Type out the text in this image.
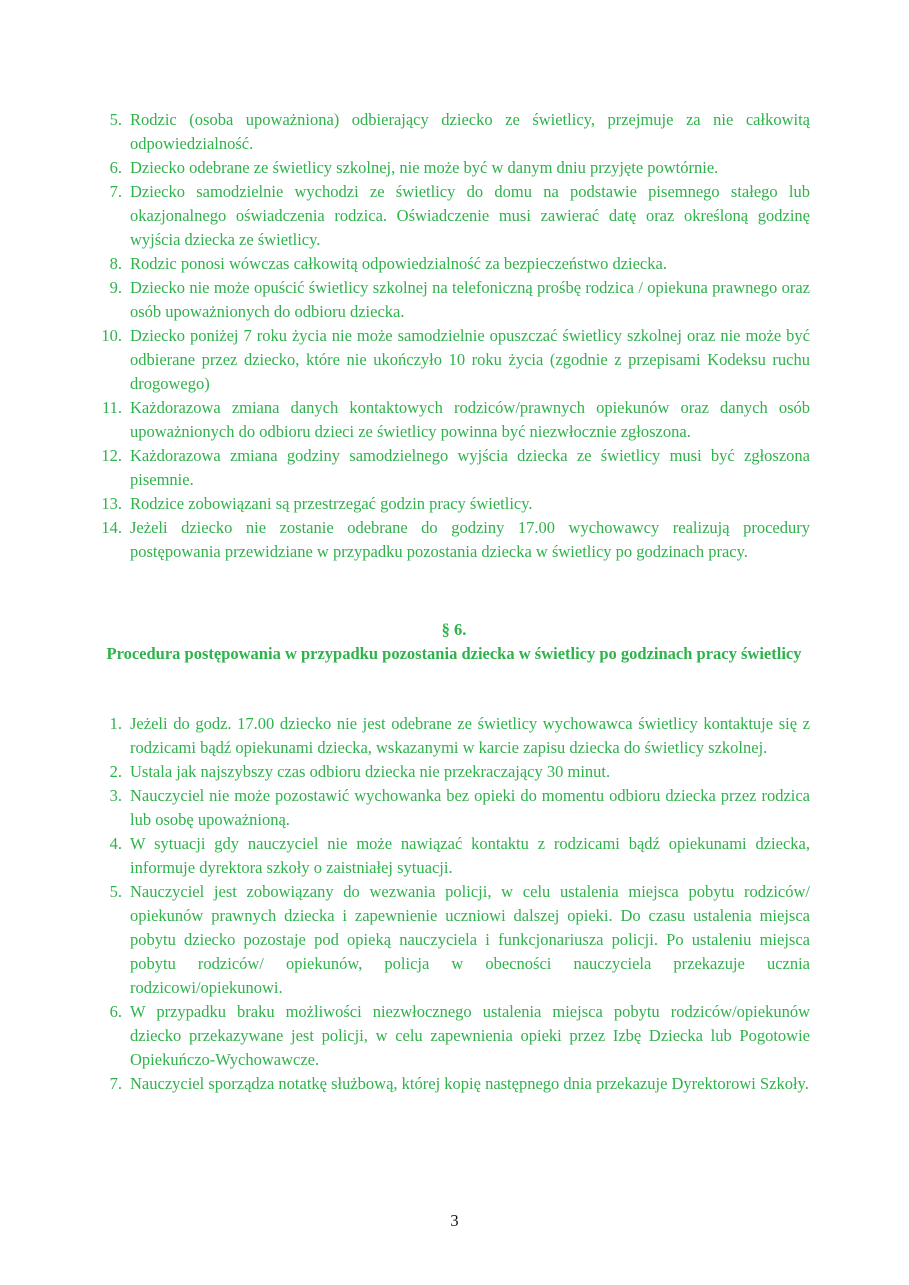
5. Rodzic (osoba upoważniona) odbierający dziecko ze świetlicy, przejmuje za nie całkowitą odpowiedzialność.

6. Dziecko odebrane ze świetlicy szkolnej, nie może być w danym dniu przyjęte powtórnie.

7. Dziecko samodzielnie wychodzi ze świetlicy do domu na podstawie pisemnego stałego lub okazjonalnego oświadczenia rodzica. Oświadczenie musi zawierać datę oraz określoną godzinę wyjścia dziecka ze świetlicy.

8. Rodzic ponosi wówczas całkowitą odpowiedzialność za bezpieczeństwo dziecka.

9. Dziecko nie może opuścić świetlicy szkolnej na telefoniczną prośbę rodzica / opiekuna prawnego oraz osób upoważnionych do odbioru dziecka.

10. Dziecko poniżej 7 roku życia nie może samodzielnie opuszczać świetlicy szkolnej oraz nie może być odbierane przez dziecko, które nie ukończyło 10 roku życia (zgodnie z przepisami Kodeksu ruchu drogowego)

11. Każdorazowa zmiana danych kontaktowych rodziców/prawnych opiekunów oraz danych osób upoważnionych do odbioru dzieci ze świetlicy powinna być niezwłocznie zgłoszona.

12. Każdorazowa zmiana godziny samodzielnego wyjścia dziecka ze świetlicy musi być zgłoszona pisemnie.

13. Rodzice zobowiązani są przestrzegać godzin pracy świetlicy.

14. Jeżeli dziecko nie zostanie odebrane do godziny 17.00 wychowawcy realizują procedury postępowania przewidziane w przypadku pozostania dziecka w świetlicy po godzinach pracy.

§ 6.
Procedura postępowania w przypadku pozostania dziecka w świetlicy po godzinach pracy świetlicy

1. Jeżeli do godz. 17.00 dziecko nie jest odebrane ze świetlicy wychowawca świetlicy kontaktuje się z rodzicami bądź opiekunami dziecka, wskazanymi w karcie zapisu dziecka do świetlicy szkolnej.

2. Ustala jak najszybszy czas odbioru dziecka nie przekraczający 30 minut.

3. Nauczyciel nie może pozostawić wychowanka bez opieki do momentu odbioru dziecka przez rodzica lub osobę upoważnioną.

4. W sytuacji gdy nauczyciel nie może nawiązać kontaktu z rodzicami bądź opiekunami dziecka, informuje dyrektora szkoły o zaistniałej sytuacji.

5. Nauczyciel jest zobowiązany do wezwania policji, w celu ustalenia miejsca pobytu rodziców/ opiekunów prawnych dziecka i zapewnienie uczniowi dalszej opieki. Do czasu ustalenia miejsca pobytu dziecko pozostaje pod opieką nauczyciela i funkcjonariusza policji. Po ustaleniu miejsca pobytu rodziców/ opiekunów, policja w obecności nauczyciela przekazuje ucznia rodzicowi/opiekunowi.

6. W przypadku braku możliwości niezwłocznego ustalenia miejsca pobytu rodziców/opiekunów dziecko przekazywane jest policji, w celu zapewnienia opieki przez Izbę Dziecka lub Pogotowie Opiekuńczo-Wychowawcze.

7. Nauczyciel sporządza notatkę służbową, której kopię następnego dnia przekazuje Dyrektorowi Szkoły.

3
